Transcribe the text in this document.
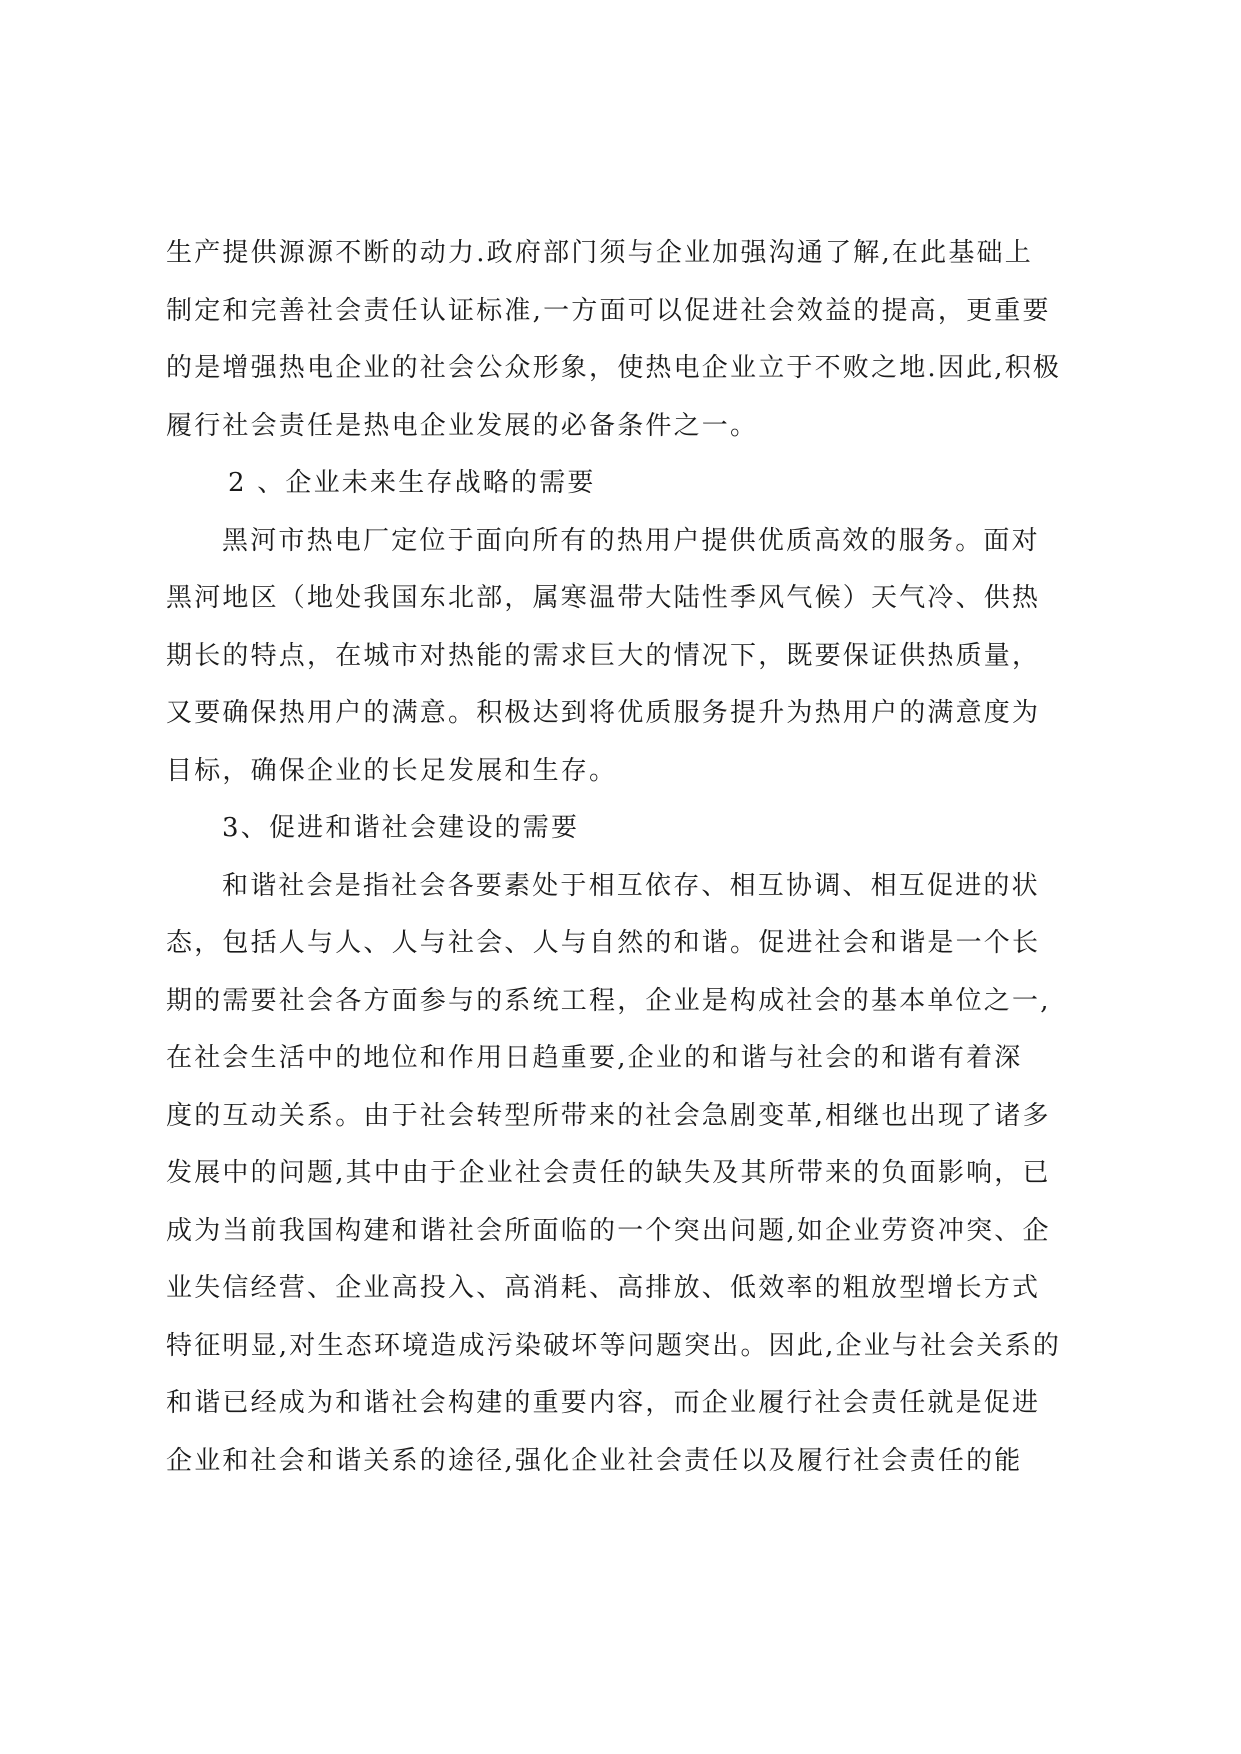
生产提供源源不断的动力.政府部门须与企业加强沟通了解,在此基础上
制定和完善社会责任认证标准,一方面可以促进社会效益的提高，更重要
的是增强热电企业的社会公众形象，使热电企业立于不败之地.因此,积极
履行社会责任是热电企业发展的必备条件之一。
2 、企业未来生存战略的需要
黑河市热电厂定位于面向所有的热用户提供优质高效的服务。面对
黑河地区（地处我国东北部，属寒温带大陆性季风气候）天气冷、供热
期长的特点，在城市对热能的需求巨大的情况下，既要保证供热质量，
又要确保热用户的满意。积极达到将优质服务提升为热用户的满意度为
目标，确保企业的长足发展和生存。
3、促进和谐社会建设的需要
和谐社会是指社会各要素处于相互依存、相互协调、相互促进的状
态，包括人与人、人与社会、人与自然的和谐。促进社会和谐是一个长
期的需要社会各方面参与的系统工程，企业是构成社会的基本单位之一,
在社会生活中的地位和作用日趋重要,企业的和谐与社会的和谐有着深
度的互动关系。由于社会转型所带来的社会急剧变革,相继也出现了诸多
发展中的问题,其中由于企业社会责任的缺失及其所带来的负面影响，已
成为当前我国构建和谐社会所面临的一个突出问题,如企业劳资冲突、企
业失信经营、企业高投入、高消耗、高排放、低效率的粗放型增长方式
特征明显,对生态环境造成污染破坏等问题突出。因此,企业与社会关系的
和谐已经成为和谐社会构建的重要内容，而企业履行社会责任就是促进
企业和社会和谐关系的途径,强化企业社会责任以及履行社会责任的能
